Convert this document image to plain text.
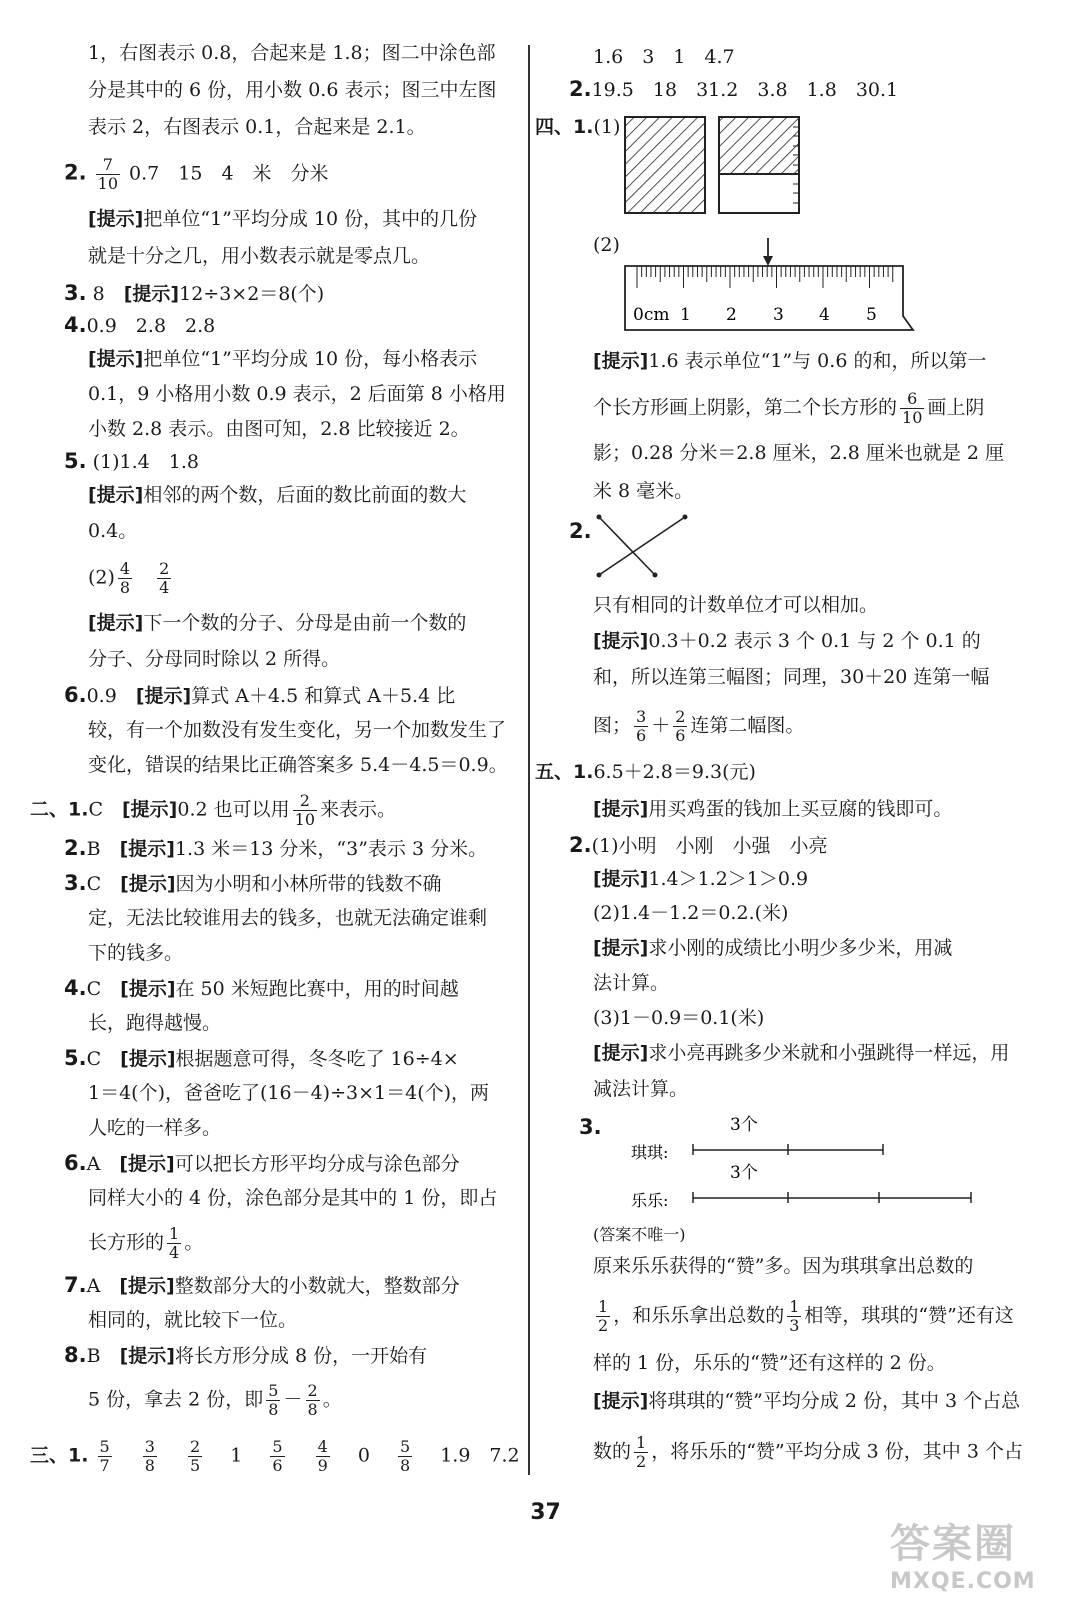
1，右图表示 0.8，合起来是 1.8；图二中涂色部
分是其中的 6 份，用小数 0.6 表示；图三中左图
表示 2，右图表示 0.1，合起来是 2.1。
2. $\frac{7}{10} 0.7$　15　4　米　分米
[提示]把单位“1”平均分成 10 份，其中的几份
就是十分之几，用小数表示就是零点几。
3. 8　[提示]12÷3×2＝8(个)
4.0.9　2.8　2.8
[提示]把单位“1”平均分成 10 份，每小格表示
0.1，9 小格用小数 0.9 表示，2 后面第 8 小格用
小数 2.8 表示。由图可知，2.8 比较接近 2。
5. (1)1.4　1.8
[提示]相邻的两个数，后面的数比前面的数大
0.4。
$(2) \frac{4}{8}$
　 $\frac{2}{4}$
[提示]下一个数的分子、分母是由前一个数的
分子、分母同时除以 2 所得。
6.0.9　[提示]算式 A＋4.5 和算式 A＋5.4 比
较，有一个加数没有发生变化，另一个加数发生了
变化，错误的结果比正确答案多 5.4－4.5＝0.9。
二、1.C　[提示]0.2 也可以用 $\frac{2}{10}$ 来表示。
2.B　[提示]1.3 米＝13 分米，“3”表示 3 分米。
3.C　[提示]因为小明和小林所带的钱数不确
定，无法比较谁用去的钱多，也就无法确定谁剩
下的钱多。
4.C　[提示]在 50 米短跑比赛中，用的时间越
长，跑得越慢。
5.C　[提示]根据题意可得，冬冬吃了 16÷4×
1＝4(个)，爸爸吃了(16－4)÷3×1＝4(个)，两
人吃的一样多。
6.A　[提示]可以把长方形平均分成与涂色部分
同样大小的 4 份，涂色部分是其中的 1 份，即占
长方形的 $\frac{1}{4}$ 。
7.A　[提示]整数部分大的小数就大，整数部分
相同的，就比较下一位。
8.B　[提示]将长方形分成 8 份，一开始有
5 份，拿去 2 份，即 $\frac{5}{8} - \frac{2}{8}$ 。
三、1. $\frac{5}{7}$
　 $\frac{3}{8}$
　 $\frac{2}{5}$
　 1　 $\frac{5}{6}$
　 $\frac{4}{9}$
　 0　 $\frac{5}{8}$
　 1.9　7.2
1.6　3　1　4.7
2.19.5　18　31.2　3.8　1.8　30.1
四、1.(1)
(2)
0cm 1 2 3 4 5
[提示]1.6 表示单位“1”与 0.6 的和，所以第一
个长方形画上阴影，第二个长方形的 $\frac{6}{10}$ 画上阴
影；0.28 分米＝2.8 厘米，2.8 厘米也就是 2 厘
米 8 毫米。
2.
只有相同的计数单位才可以相加。
[提示]0.3＋0.2 表示 3 个 0.1 与 2 个 0.1 的
和，所以连第三幅图；同理，30＋20 连第一幅
图； $\frac{3}{6} + \frac{2}{6}$ 连第二幅图。
五、1.6.5＋2.8＝9.3(元)
[提示]用买鸡蛋的钱加上买豆腐的钱即可。
2.(1)小明　小刚　小强　小亮
[提示]1.4＞1.2＞1＞0.9
(2)1.4－1.2＝0.2.(米)
[提示]求小刚的成绩比小明少多少米，用减
法计算。
(3)1－0.9＝0.1(米)
[提示]求小亮再跳多少米就和小强跳得一样远，用
减法计算。
3.	3个
琪琪:
3个
乐乐:
(答案不唯一)
原来乐乐获得的“赞”多。因为琪琪拿出总数的
$\frac{1}{2}$ ，和乐乐拿出总数的 $\frac{1}{3}$ 相等，琪琪的“赞”还有这
样的 1 份，乐乐的“赞”还有这样的 2 份。
[提示]将琪琪的“赞”平均分成 2 份，其中 3 个占总
数的 $\frac{1}{2}$ ，将乐乐的“赞”平均分成 3 份，其中 3 个占
37
答案圈
MXQE.COM
